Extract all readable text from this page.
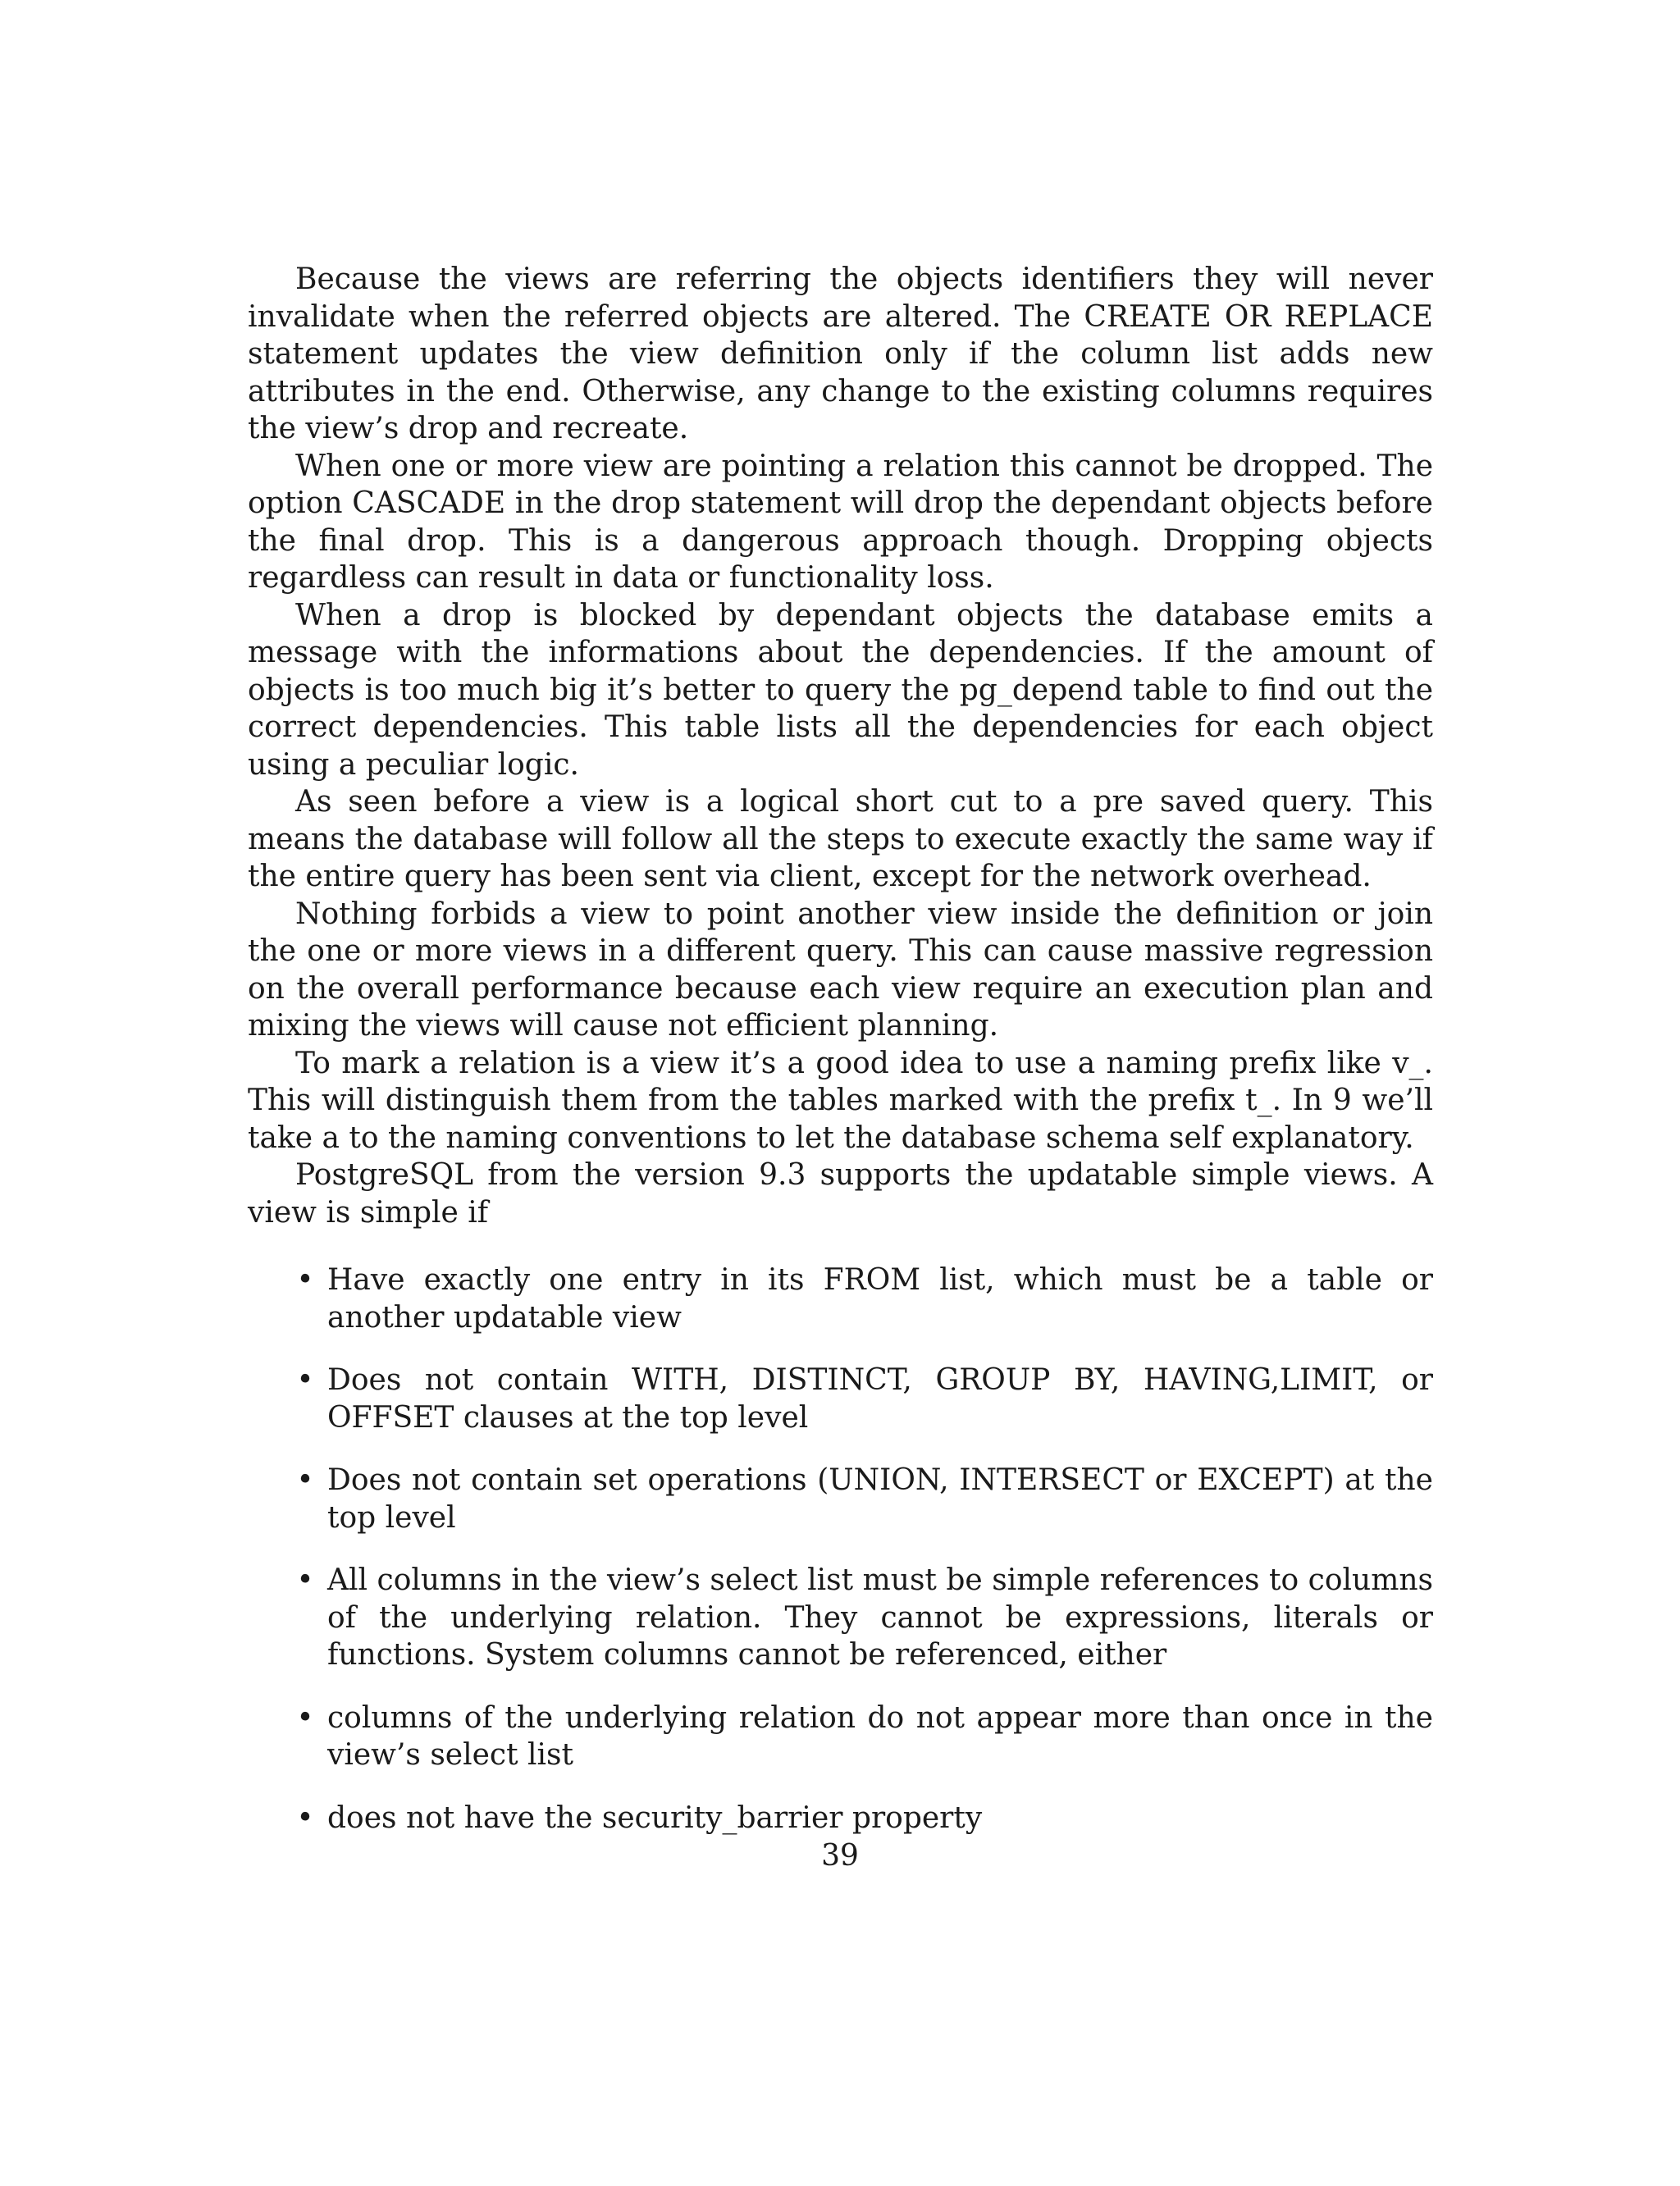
Because the views are referring the objects identifiers they will never invalidate when the referred objects are altered. The CREATE OR REPLACE statement updates the view definition only if the column list adds new attributes in the end. Otherwise, any change to the existing columns requires the view’s drop and recreate.

When one or more view are pointing a relation this cannot be dropped. The option CASCADE in the drop statement will drop the dependant objects before the final drop. This is a dangerous approach though. Dropping objects regardless can result in data or functionality loss.

When a drop is blocked by dependant objects the database emits a message with the informations about the dependencies. If the amount of objects is too much big it’s better to query the pg_depend table to find out the correct dependencies. This table lists all the dependencies for each object using a peculiar logic.

As seen before a view is a logical short cut to a pre saved query. This means the database will follow all the steps to execute exactly the same way if the entire query has been sent via client, except for the network overhead.

Nothing forbids a view to point another view inside the definition or join the one or more views in a different query. This can cause massive regression on the overall performance because each view require an execution plan and mixing the views will cause not efficient planning.

To mark a relation is a view it’s a good idea to use a naming prefix like v_. This will distinguish them from the tables marked with the prefix t_. In 9 we’ll take a to the naming conventions to let the database schema self explanatory.

PostgreSQL from the version 9.3 supports the updatable simple views. A view is simple if

• Have exactly one entry in its FROM list, which must be a table or another updatable view
• Does not contain WITH, DISTINCT, GROUP BY, HAVING,LIMIT, or OFFSET clauses at the top level
• Does not contain set operations (UNION, INTERSECT or EXCEPT) at the top level
• All columns in the view’s select list must be simple references to columns of the underlying relation. They cannot be expressions, literals or functions. System columns cannot be referenced, either
• columns of the underlying relation do not appear more than once in the view’s select list
• does not have the security_barrier property
39
